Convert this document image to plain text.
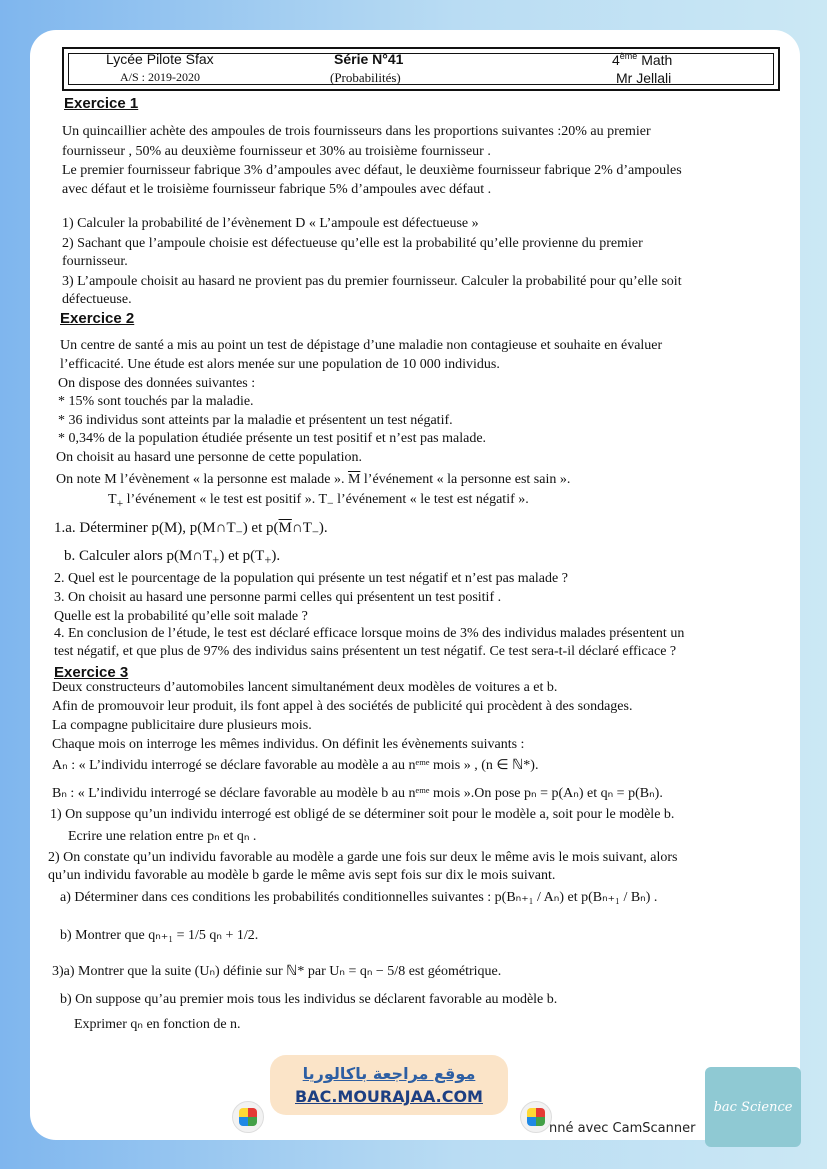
Lycée Pilote Sfax
A/S : 2019-2020
Série N°41
(Probabilités)
4ème Math
Mr Jellali
Exercice 1
Un quincaillier achète des ampoules de trois fournisseurs dans les proportions suivantes :20% au premier
fournisseur , 50% au deuxième fournisseur et 30% au troisième fournisseur .
Le premier fournisseur fabrique 3% d’ampoules avec défaut, le deuxième fournisseur fabrique 2% d’ampoules
avec défaut et le troisième fournisseur fabrique 5% d’ampoules avec défaut .
1) Calculer la probabilité de l’évènement D « L’ampoule est défectueuse »
2) Sachant que l’ampoule choisie est défectueuse qu’elle est la probabilité qu’elle provienne du premier
fournisseur.
3) L’ampoule choisit au hasard ne provient pas du premier fournisseur. Calculer la probabilité pour qu’elle soit
défectueuse.
Exercice 2
Un centre de santé a mis au point un test de dépistage d’une maladie non contagieuse et souhaite en évaluer
l’efficacité. Une étude est alors menée sur une population de 10 000 individus.
On dispose des données suivantes :
* 15% sont touchés par la maladie.
* 36 individus sont atteints par la maladie et présentent un test négatif.
* 0,34% de la population étudiée présente un test positif et n’est pas malade.
On choisit au hasard une personne de cette population.
On note M l’évènement « la personne est malade ». $\overline{M}$ l’événement « la personne est sain ».
$T_+$ l’événement « le test est positif ». $T_-$ l’événement « le test est négatif ».
1.a. Déterminer p(M), $p(M\cap T_-)$ et $p(\overline{M}\cap T_-)$.
b. Calculer alors $p(M\cap T_+)$ et $p(T_+)$.
2. Quel est le pourcentage de la population qui présente un test négatif et n’est pas malade ?
3. On choisit au hasard une personne parmi celles qui présentent un test positif .
Quelle est la probabilité qu’elle soit malade ?
4. En conclusion de l’étude, le test est déclaré efficace lorsque moins de 3% des individus malades présentent un
test négatif, et que plus de 97% des individus sains présentent un test négatif. Ce test sera-t-il déclaré efficace ?
Exercice 3
Deux constructeurs d’automobiles lancent simultanément deux modèles de voitures a et b.
Afin de promouvoir leur produit, ils font appel à des sociétés de publicité qui procèdent à des sondages.
La compagne publicitaire dure plusieurs mois.
Chaque mois on interroge les mêmes individus. On définit les évènements suivants :
Aₙ : « L’individu interrogé se déclare favorable au modèle a au nᵉᵐᵉ mois » , (n ∈ ℕ*).
Bₙ : « L’individu interrogé se déclare favorable au modèle b au nᵉᵐᵉ mois ».On pose pₙ = p(Aₙ) et qₙ = p(Bₙ).
1) On suppose qu’un individu interrogé est obligé de se déterminer soit pour le modèle a, soit pour le modèle b.
Ecrire une relation entre pₙ et qₙ .
2) On constate qu’un individu favorable au modèle a garde une fois sur deux le même avis le mois suivant, alors
qu’un individu favorable au modèle b garde le même avis sept fois sur dix le mois suivant.
a) Déterminer dans ces conditions les probabilités conditionnelles suivantes : p(Bₙ₊₁ / Aₙ) et p(Bₙ₊₁ / Bₙ) .
b) Montrer que qₙ₊₁ = 1/5 qₙ + 1/2.
3)a) Montrer que la suite (Uₙ) définie sur ℕ* par Uₙ = qₙ − 5/8 est géométrique.
b) On suppose qu’au premier mois tous les individus se déclarent favorable au modèle b.
Exprimer qₙ en fonction de n.
موقع مراجعة باكالوريا
BAC.MOURAJAA.COM
nné avec CamScanner
bac Science
